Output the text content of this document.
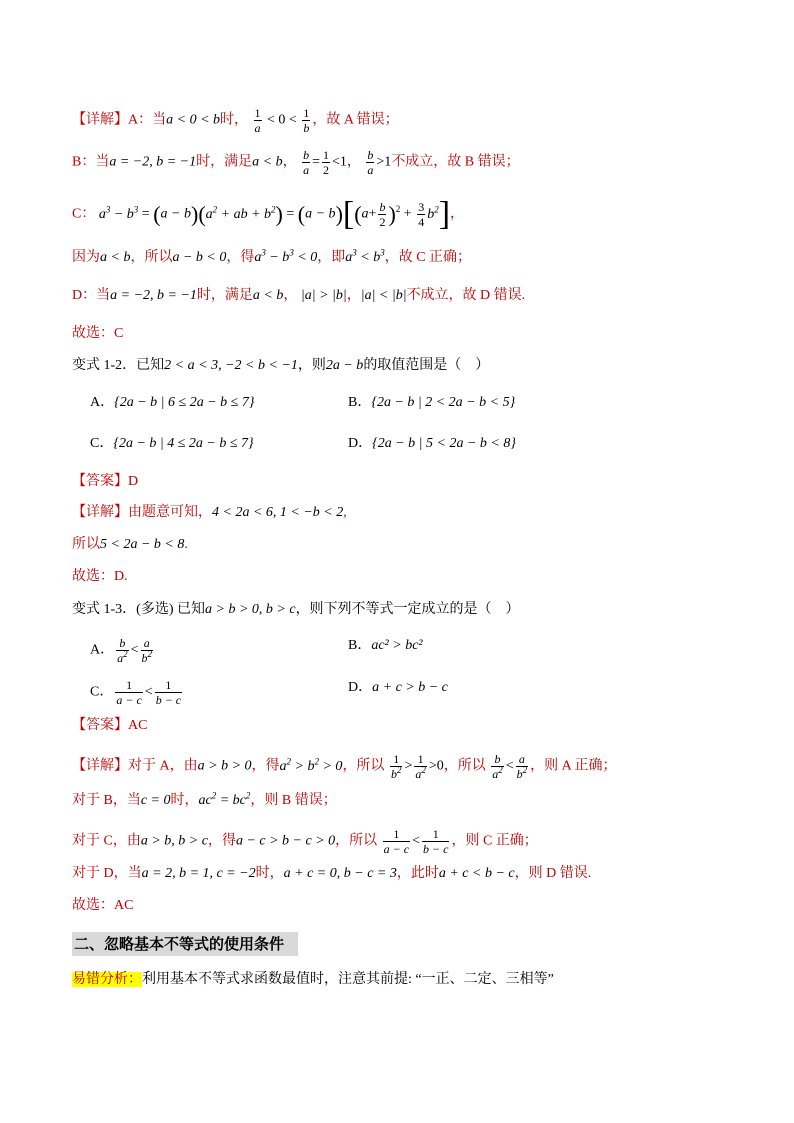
【详解】A：当a < 0 < b时， $\frac{1}{a} < 0 < \frac{1}{b}$ ，故 A 错误；
B：当a = −2, b = −1时，满足a < b， $\frac{b}{a} = \frac{1}{2} <1$， $\frac{b}{a} >1$不成立，故 B 错误；
C： $a^3 - b^3 = (a - b)(a^2$ + ab + $b^2) = (a - b)[(a+ \frac{b}{2} )^2 + \frac{3}{4} b^2]$，
因为a < b，所以a − b < 0，得$a^3 - b^3 < 0$，即$a^3 < b^3$，故 C 正确；
D：当a = −2, b = −1时，满足a < b， |a| > |b|，|a| < |b|不成立，故 D 错误.
故选：C
变式 1-2．已知2 < a < 3, −2 < b < −1，则2a − b的取值范围是（　）
A．{2a − b | 6 ≤ 2a − b ≤ 7}	B．{2a − b | 2 < 2a − b < 5}
C．{2a − b | 4 ≤ 2a − b ≤ 7}	D．{2a − b | 5 < 2a − b < 8}
【答案】D
【详解】由题意可知，4 < 2a < 6, 1 < −b < 2,
所以5 < 2a − b < 8.
故选：D.
变式 1-3．(多选) 已知a > b > 0, b > c，则下列不等式一定成立的是（　）
A． $\frac{b}{a^2} < \frac{a}{b^2}$	B．ac² > bc²
C． $\frac{1}{a - c} < \frac{1}{b - c}$	D．a + c > b − c
【答案】AC
【详解】对于 A，由a > b > 0，得$a^2 > b^2 > 0$，所以 $\frac{1}{b^2} > \frac{1}{a^2} >0$，所以 $\frac{b}{a^2} < \frac{a}{b^2}$ ，则 A 正确；
对于 B，当c = 0时，$ac^2 = bc^2$，则 B 错误；
对于 C，由a > b, b > c，得a − c > b − c > 0，所以 $\frac{1}{a - c} < \frac{1}{b - c}$ ，则 C 正确；
对于 D，当a = 2, b = 1, c = −2时，a + c = 0, b − c = 3，此时a + c < b − c，则 D 错误.
故选：AC
二、忽略基本不等式的使用条件
易错分析：利用基本不等式求函数最值时，注意其前提: “一正、二定、三相等”
